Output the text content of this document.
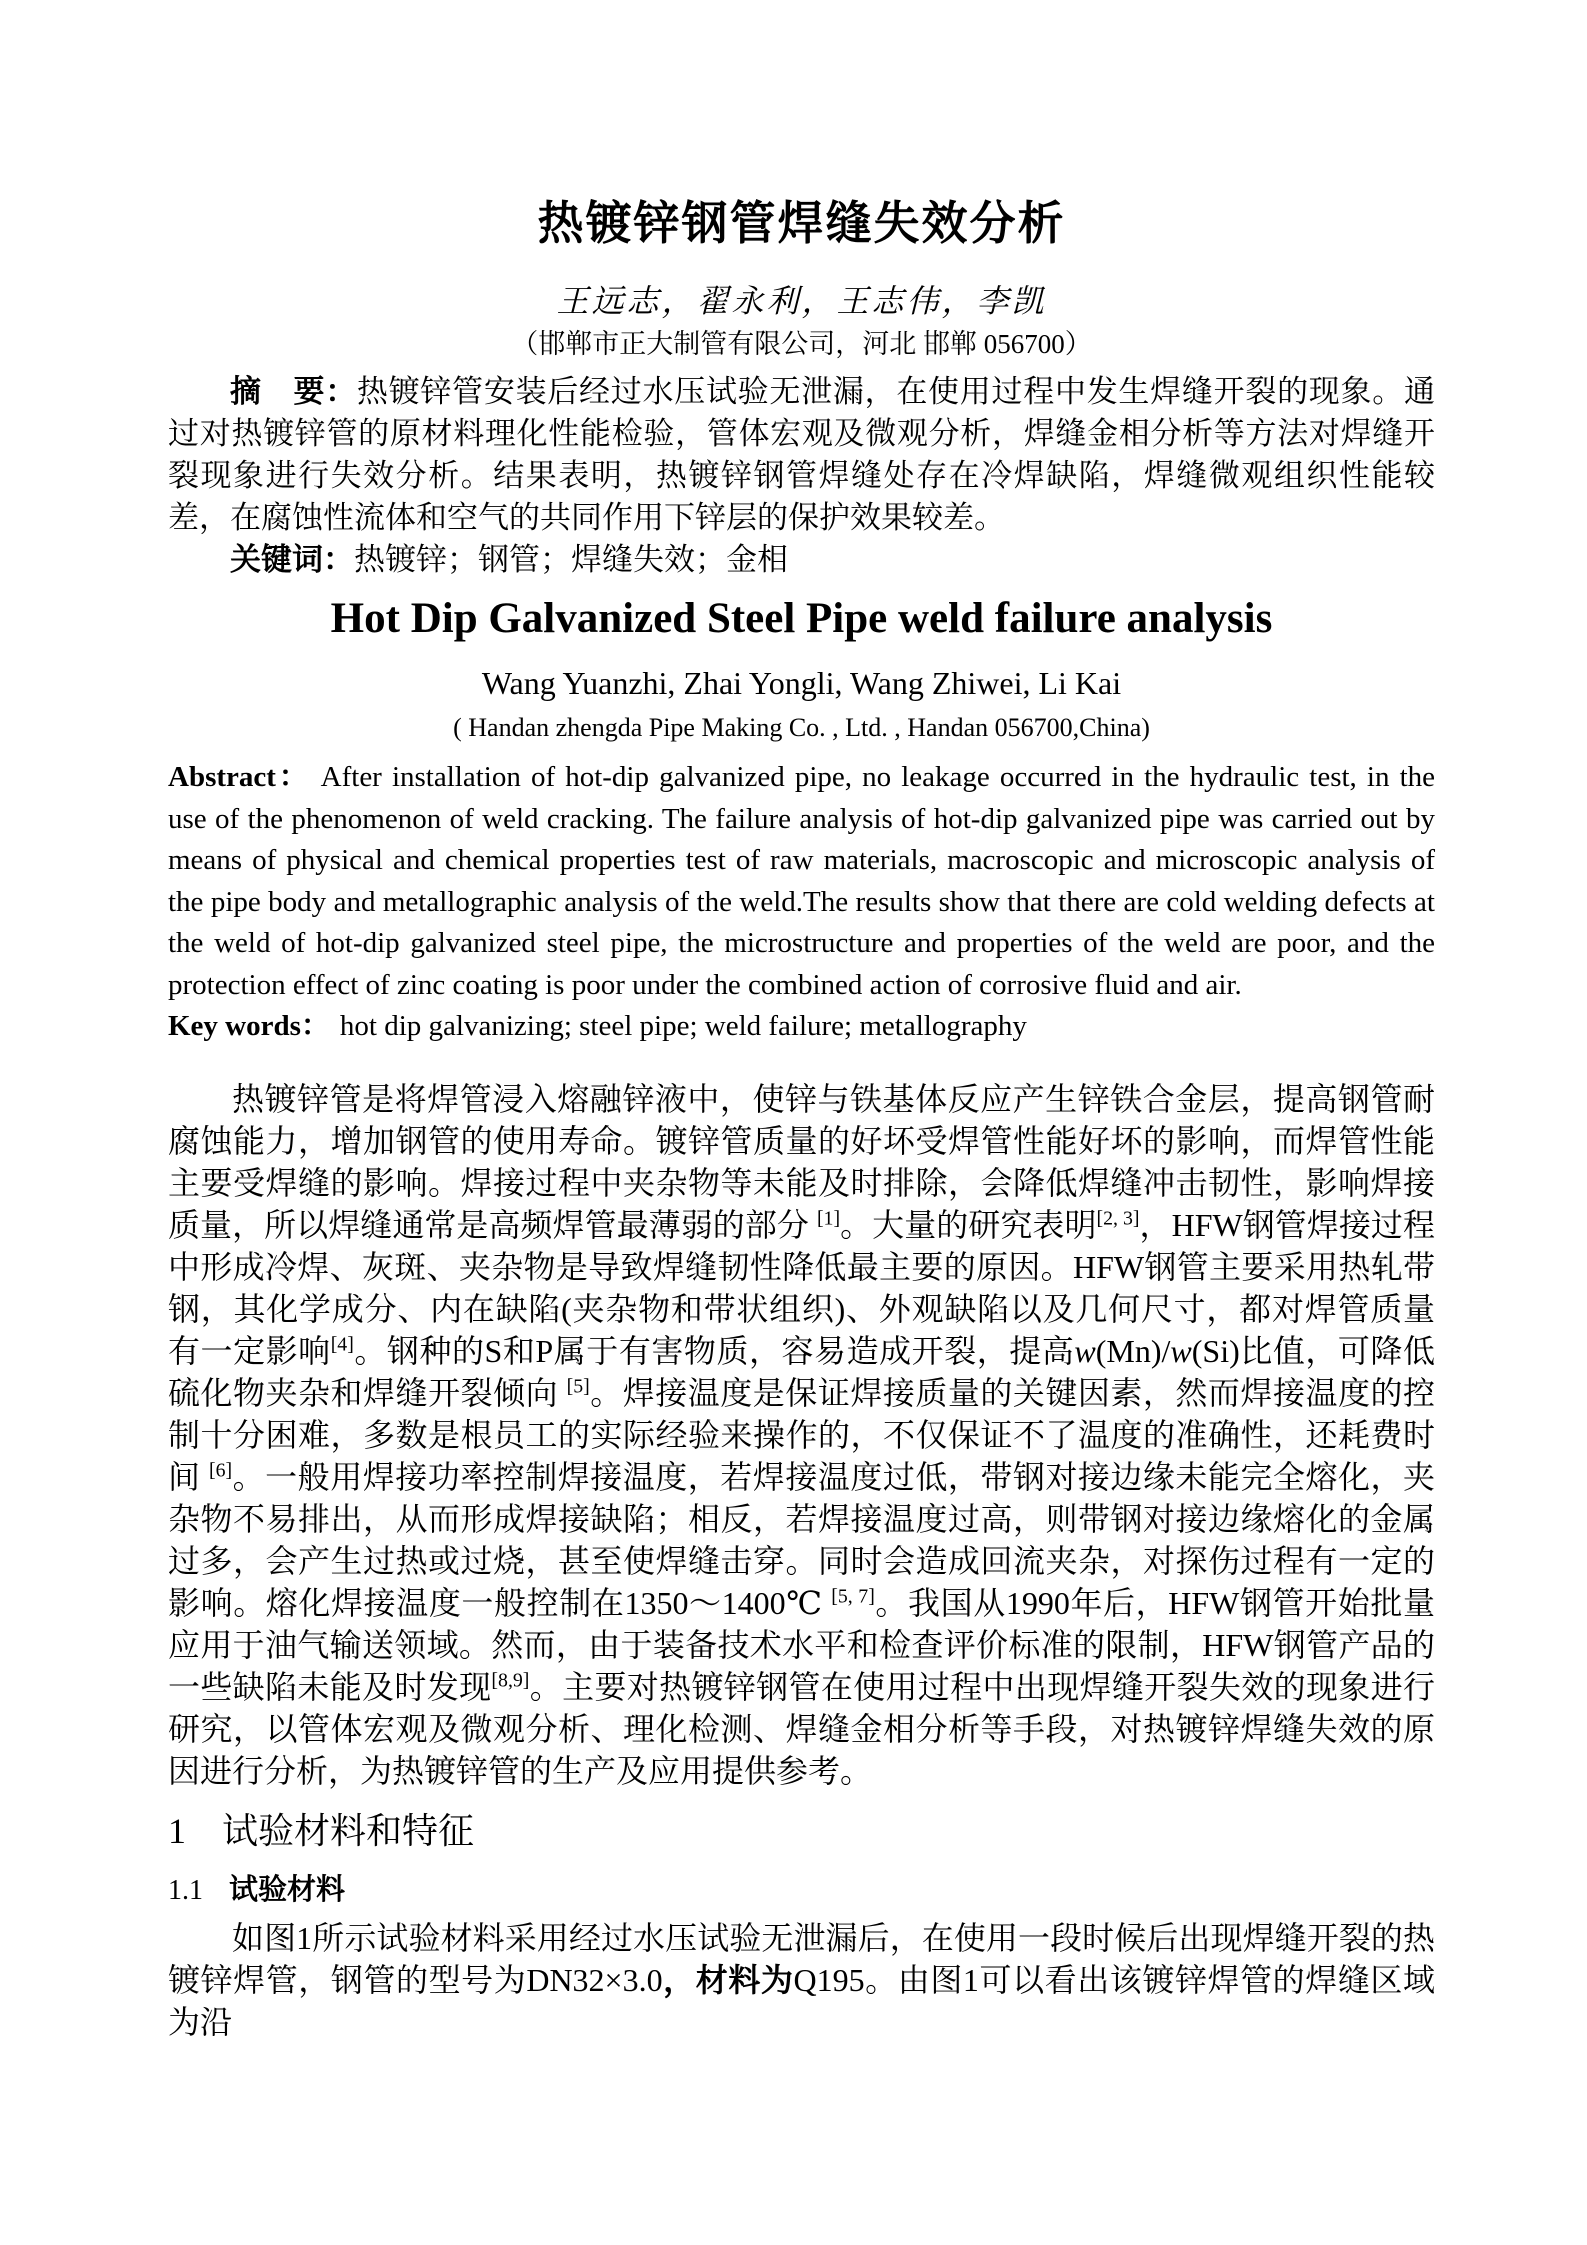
热镀锌钢管焊缝失效分析

王远志，翟永利，王志伟，李凯

（邯郸市正大制管有限公司，河北 邯郸 056700）

摘　要：热镀锌管安装后经过水压试验无泄漏，在使用过程中发生焊缝开裂的现象。通过对热镀锌管的原材料理化性能检验，管体宏观及微观分析，焊缝金相分析等方法对焊缝开裂现象进行失效分析。结果表明，热镀锌钢管焊缝处存在冷焊缺陷，焊缝微观组织性能较差，在腐蚀性流体和空气的共同作用下锌层的保护效果较差。

关键词：热镀锌；钢管；焊缝失效；金相

Hot Dip Galvanized Steel Pipe weld failure analysis

Wang Yuanzhi, Zhai Yongli, Wang Zhiwei, Li Kai

( Handan zhengda Pipe Making Co. , Ltd. , Handan 056700,China)

Abstract： After installation of hot-dip galvanized pipe, no leakage occurred in the hydraulic test, in the use of the phenomenon of weld cracking. The failure analysis of hot-dip galvanized pipe was carried out by means of physical and chemical properties test of raw materials, macroscopic and microscopic analysis of the pipe body and metallographic analysis of the weld.The results show that there are cold welding defects at the weld of hot-dip galvanized steel pipe, the microstructure and properties of the weld are poor, and the protection effect of zinc coating is poor under the combined action of corrosive fluid and air.

Key words： hot dip galvanizing; steel pipe; weld failure; metallography

热镀锌管是将焊管浸入熔融锌液中，使锌与铁基体反应产生锌铁合金层，提高钢管耐腐蚀能力，增加钢管的使用寿命。镀锌管质量的好坏受焊管性能好坏的影响，而焊管性能主要受焊缝的影响。焊接过程中夹杂物等未能及时排除，会降低焊缝冲击韧性，影响焊接质量，所以焊缝通常是高频焊管最薄弱的部分 [1]。大量的研究表明[2, 3]，HFW钢管焊接过程中形成冷焊、灰斑、夹杂物是导致焊缝韧性降低最主要的原因。HFW钢管主要采用热轧带钢，其化学成分、内在缺陷(夹杂物和带状组织)、外观缺陷以及几何尺寸，都对焊管质量有一定影响[4]。钢种的S和P属于有害物质，容易造成开裂，提高w(Mn)/w(Si)比值，可降低硫化物夹杂和焊缝开裂倾向 [5]。焊接温度是保证焊接质量的关键因素，然而焊接温度的控制十分困难，多数是根员工的实际经验来操作的，不仅保证不了温度的准确性，还耗费时间 [6]。一般用焊接功率控制焊接温度，若焊接温度过低，带钢对接边缘未能完全熔化，夹杂物不易排出，从而形成焊接缺陷；相反，若焊接温度过高，则带钢对接边缘熔化的金属过多，会产生过热或过烧，甚至使焊缝击穿。同时会造成回流夹杂，对探伤过程有一定的影响。熔化焊接温度一般控制在1350～1400℃ [5, 7]。我国从1990年后，HFW钢管开始批量应用于油气输送领域。然而，由于装备技术水平和检查评价标准的限制，HFW钢管产品的一些缺陷未能及时发现[8,9]。主要对热镀锌钢管在使用过程中出现焊缝开裂失效的现象进行研究，以管体宏观及微观分析、理化检测、焊缝金相分析等手段，对热镀锌焊缝失效的原因进行分析，为热镀锌管的生产及应用提供参考。

1 试验材料和特征
1.1 试验材料

如图1所示试验材料采用经过水压试验无泄漏后，在使用一段时候后出现焊缝开裂的热镀锌焊管，钢管的型号为DN32×3.0，材料为Q195。由图1可以看出该镀锌焊管的焊缝区域为沿
